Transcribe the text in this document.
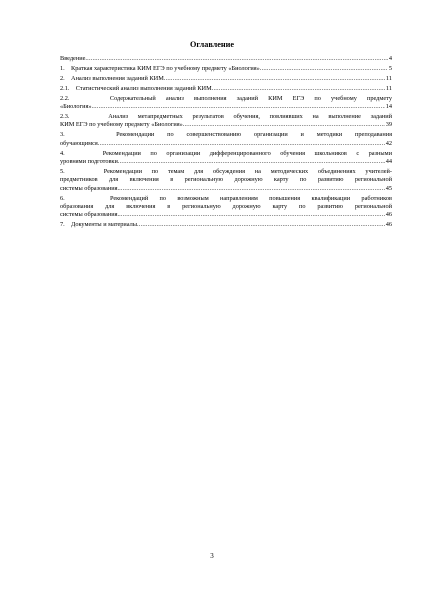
Оглавление
Введение .....	4
1.    Краткая характеристика КИМ ЕГЭ по учебному предмету «Биология» .....	5
2.    Анализ выполнения заданий КИМ .....	11
2.1.    Статистический анализ выполнения заданий КИМ .....	11
2.2.    Содержательный анализ выполнения заданий КИМ ЕГЭ по учебному предмету
«Биология» .....	14
2.3.    Анализ метапредметных результатов обучения, повлиявших на выполнение заданий
КИМ ЕГЭ по учебному предмету «Биология» .....	39
3.    Рекомендации по совершенствованию организации и методики преподавания
обучающимся .....	42
4.    Рекомендации по организации дифференцированного обучения школьников с разными
уровнями подготовки .....	44
5.    Рекомендации по темам для обсуждения на методических объединениях учителей-
предметников для включения в региональную дорожную карту по развитию региональной
системы образования. .....	45
6.    Рекомендаций по возможным направлениям повышения квалификации работников
образования для включения в региональную дорожную карту по развитию региональной
системы образования. .....	46
7.    Документы и материалы .....	46
3
